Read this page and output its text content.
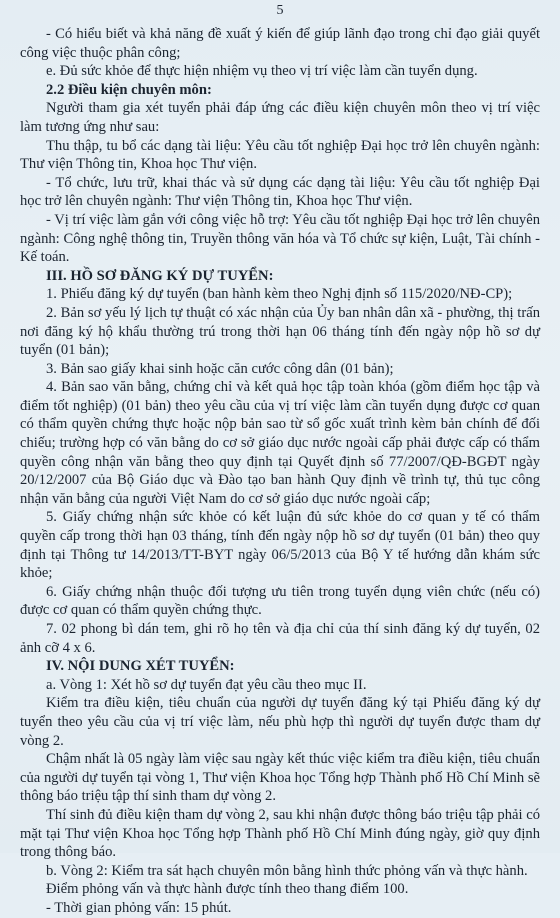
5

- Có hiểu biết và khả năng đề xuất ý kiến để giúp lãnh đạo trong chỉ đạo giải quyết công việc thuộc phân công;

e. Đủ sức khỏe để thực hiện nhiệm vụ theo vị trí việc làm cần tuyển dụng.

2.2 Điều kiện chuyên môn:

Người tham gia xét tuyển phải đáp ứng các điều kiện chuyên môn theo vị trí việc làm tương ứng như sau:

Thu thập, tu bổ các dạng tài liệu: Yêu cầu tốt nghiệp Đại học trở lên chuyên ngành: Thư viện Thông tin, Khoa học Thư viện.

- Tổ chức, lưu trữ, khai thác và sử dụng các dạng tài liệu: Yêu cầu tốt nghiệp Đại học trở lên chuyên ngành: Thư viện Thông tin, Khoa học Thư viện.

- Vị trí việc làm gắn với công việc hỗ trợ: Yêu cầu tốt nghiệp Đại học trở lên chuyên ngành: Công nghệ thông tin, Truyền thông văn hóa và Tổ chức sự kiện, Luật, Tài chính - Kế toán.

III. HỒ SƠ ĐĂNG KÝ DỰ TUYỂN:

1. Phiếu đăng ký dự tuyển (ban hành kèm theo Nghị định số 115/2020/NĐ-CP);

2. Bản sơ yếu lý lịch tự thuật có xác nhận của Ủy ban nhân dân xã - phường, thị trấn nơi đăng ký hộ khẩu thường trú trong thời hạn 06 tháng tính đến ngày nộp hồ sơ dự tuyển (01 bản);

3. Bản sao giấy khai sinh hoặc căn cước công dân (01 bản);

4. Bản sao văn bằng, chứng chỉ và kết quả học tập toàn khóa (gồm điểm học tập và điểm tốt nghiệp) (01 bản) theo yêu cầu của vị trí việc làm cần tuyển dụng được cơ quan có thẩm quyền chứng thực hoặc nộp bản sao từ sổ gốc xuất trình kèm bản chính để đối chiếu; trường hợp có văn bằng do cơ sở giáo dục nước ngoài cấp phải được cấp có thẩm quyền công nhận văn bằng theo quy định tại Quyết định số 77/2007/QĐ-BGĐT ngày 20/12/2007 của Bộ Giáo dục và Đào tạo ban hành Quy định về trình tự, thủ tục công nhận văn bằng của người Việt Nam do cơ sở giáo dục nước ngoài cấp;

5. Giấy chứng nhận sức khỏe có kết luận đủ sức khỏe do cơ quan y tế có thẩm quyền cấp trong thời hạn 03 tháng, tính đến ngày nộp hồ sơ dự tuyển (01 bản) theo quy định tại Thông tư 14/2013/TT-BYT ngày 06/5/2013 của Bộ Y tế hướng dẫn khám sức khỏe;

6. Giấy chứng nhận thuộc đối tượng ưu tiên trong tuyển dụng viên chức (nếu có) được cơ quan có thẩm quyền chứng thực.

7. 02 phong bì dán tem, ghi rõ họ tên và địa chỉ của thí sinh đăng ký dự tuyển, 02 ảnh cỡ 4 x 6.

IV. NỘI DUNG XÉT TUYỂN:

a. Vòng 1: Xét hồ sơ dự tuyển đạt yêu cầu theo mục II.

Kiểm tra điều kiện, tiêu chuẩn của người dự tuyển đăng ký tại Phiếu đăng ký dự tuyển theo yêu cầu của vị trí việc làm, nếu phù hợp thì người dự tuyển được tham dự vòng 2.

Chậm nhất là 05 ngày làm việc sau ngày kết thúc việc kiểm tra điều kiện, tiêu chuẩn của người dự tuyển tại vòng 1, Thư viện Khoa học Tổng hợp Thành phố Hồ Chí Minh sẽ thông báo triệu tập thí sinh tham dự vòng 2.

Thí sinh đủ điều kiện tham dự vòng 2, sau khi nhận được thông báo triệu tập phải có mặt tại Thư viện Khoa học Tổng hợp Thành phố Hồ Chí Minh đúng ngày, giờ quy định trong thông báo.

b. Vòng 2: Kiểm tra sát hạch chuyên môn bằng hình thức phỏng vấn và thực hành.

Điểm phỏng vấn và thực hành được tính theo thang điểm 100.

- Thời gian phỏng vấn: 15 phút.
